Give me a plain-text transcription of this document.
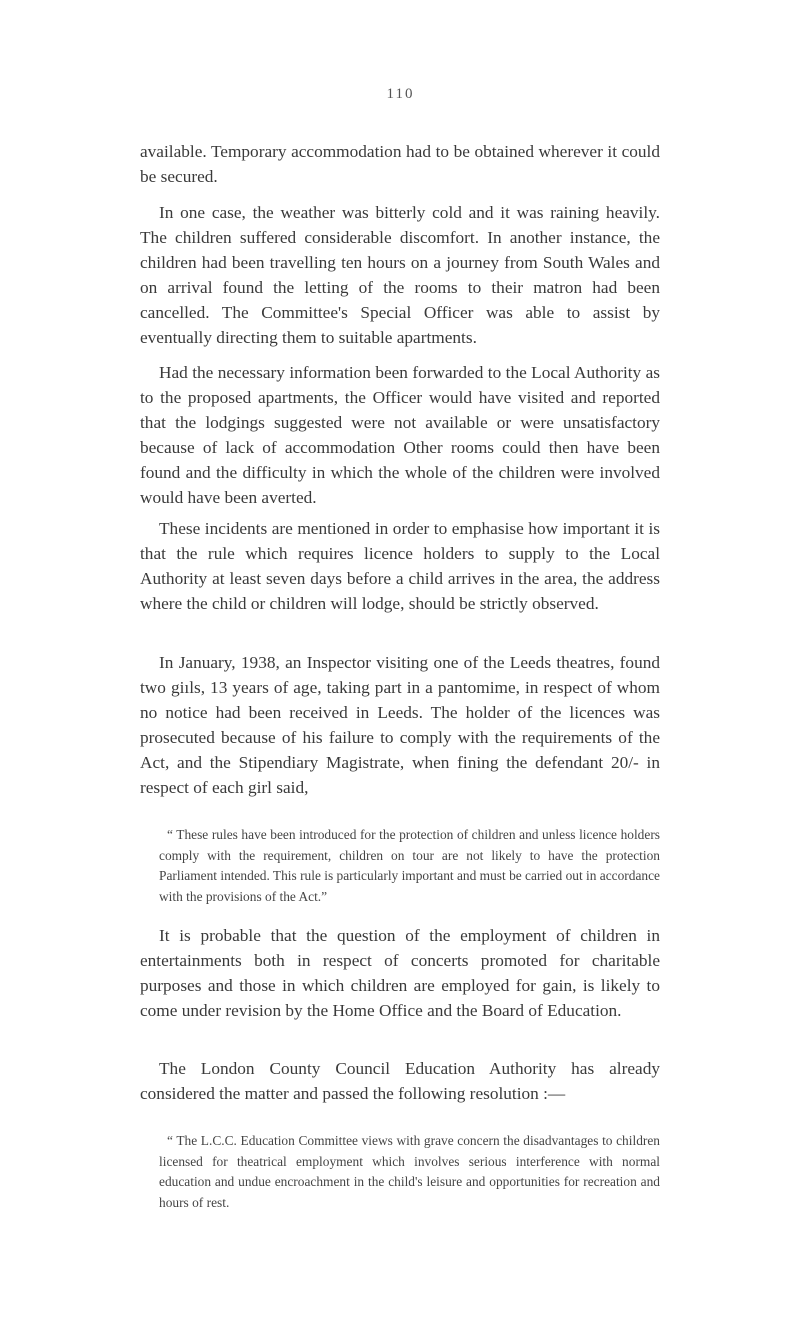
110

available. Temporary accommodation had to be obtained wherever it could be secured.

In one case, the weather was bitterly cold and it was raining heavily. The children suffered considerable discomfort. In another instance, the children had been travelling ten hours on a journey from South Wales and on arrival found the letting of the rooms to their matron had been cancelled. The Committee's Special Officer was able to assist by eventually directing them to suitable apartments.

Had the necessary information been forwarded to the Local Authority as to the proposed apartments, the Officer would have visited and reported that the lodgings suggested were not available or were unsatisfactory because of lack of accommodation Other rooms could then have been found and the difficulty in which the whole of the children were involved would have been averted.

These incidents are mentioned in order to emphasise how important it is that the rule which requires licence holders to supply to the Local Authority at least seven days before a child arrives in the area, the address where the child or children will lodge, should be strictly observed.

In January, 1938, an Inspector visiting one of the Leeds theatres, found two giıls, 13 years of age, taking part in a pantomime, in respect of whom no notice had been received in Leeds. The holder of the licences was prosecuted because of his failure to comply with the requirements of the Act, and the Stipendiary Magistrate, when fining the defendant 20/- in respect of each girl said,

“ These rules have been introduced for the protection of children and unless licence holders comply with the requirement, children on tour are not likely to have the protection Parliament intended. This rule is particularly important and must be carried out in accordance with the provisions of the Act.”

It is probable that the question of the employment of children in entertainments both in respect of concerts promoted for charitable purposes and those in which children are employed for gain, is likely to come under revision by the Home Office and the Board of Education.

The London County Council Education Authority has already considered the matter and passed the following resolution :—

“ The L.C.C. Education Committee views with grave concern the disadvantages to children licensed for theatrical employment which involves serious interference with normal education and undue encroachment in the child's leisure and opportunities for recreation and hours of rest.
